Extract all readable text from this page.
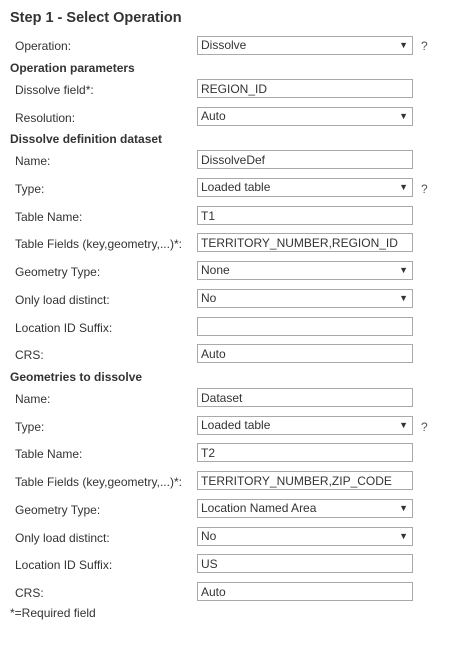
Step 1 - Select Operation
Operation:	Dissolve	▼ ?
Operation parameters
Dissolve field*:
REGION_ID
Resolution:	Auto	▼
Dissolve definition dataset
Name:
DissolveDef
Type:	Loaded table	▼ ?
Table Name:
T1
Table Fields (key,geometry,...)*:
TERRITORY_NUMBER,REGION_ID
Geometry Type:	None	▼
Only load distinct:	No	▼
Location ID Suffix:
CRS:
Auto
Geometries to dissolve
Name:
Dataset
Type:	Loaded table	▼ ?
Table Name:
T2
Table Fields (key,geometry,...)*:
TERRITORY_NUMBER,ZIP_CODE
Geometry Type:	Location Named Area	▼
Only load distinct:	No	▼
Location ID Suffix:
US
CRS:
Auto
*=Required field
